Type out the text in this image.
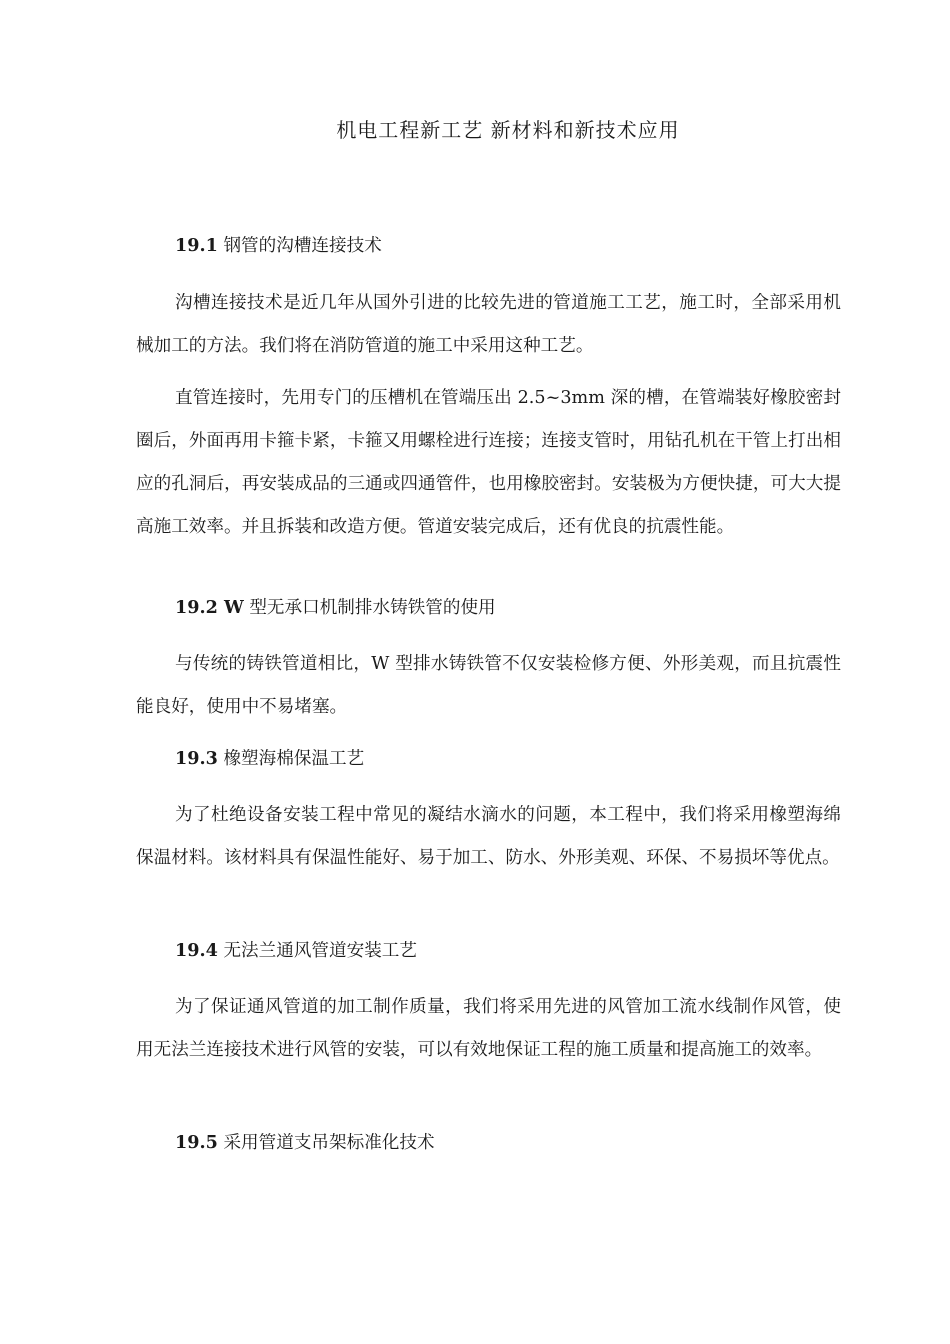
机电工程新工艺 新材料和新技术应用
19.1 钢管的沟槽连接技术
沟槽连接技术是近几年从国外引进的比较先进的管道施工工艺，施工时，全部采用机械加工的方法。我们将在消防管道的施工中采用这种工艺。
直管连接时，先用专门的压槽机在管端压出 2.5~3mm 深的槽，在管端装好橡胶密封圈后，外面再用卡箍卡紧，卡箍又用螺栓进行连接；连接支管时，用钻孔机在干管上打出相应的孔洞后，再安装成品的三通或四通管件，也用橡胶密封。安装极为方便快捷，可大大提高施工效率。并且拆装和改造方便。管道安装完成后，还有优良的抗震性能。
19.2 W 型无承口机制排水铸铁管的使用
与传统的铸铁管道相比，W 型排水铸铁管不仅安装检修方便、外形美观，而且抗震性能良好，使用中不易堵塞。
19.3 橡塑海棉保温工艺
为了杜绝设备安装工程中常见的凝结水滴水的问题，本工程中，我们将采用橡塑海绵保温材料。该材料具有保温性能好、易于加工、防水、外形美观、环保、不易损坏等优点。
19.4 无法兰通风管道安装工艺
为了保证通风管道的加工制作质量，我们将采用先进的风管加工流水线制作风管，使用无法兰连接技术进行风管的安装，可以有效地保证工程的施工质量和提高施工的效率。
19.5 采用管道支吊架标准化技术
